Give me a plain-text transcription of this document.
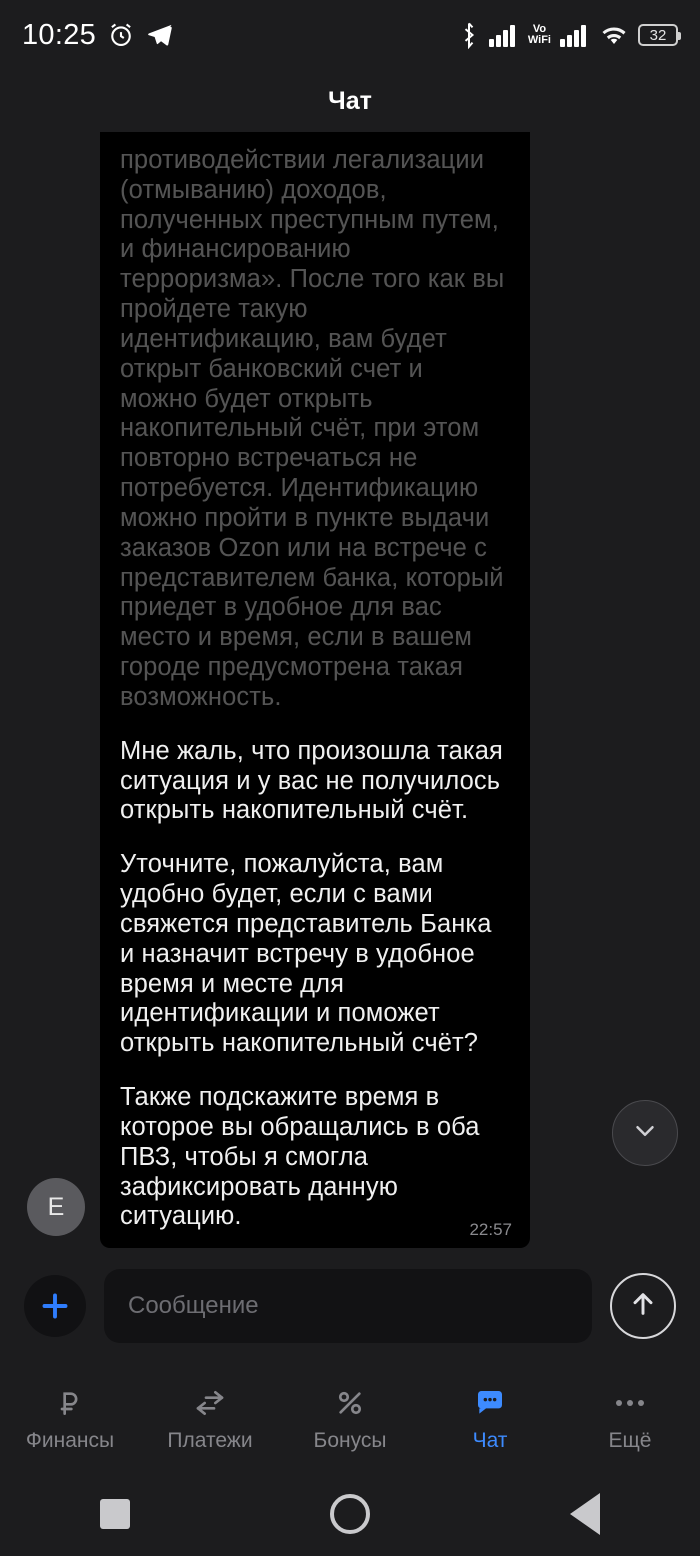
10:25	Vo
WiFi	32
Чат

противодействии легализации (отмыванию) доходов, полученных преступным путем, и финансированию терроризма». После того как вы пройдете такую идентификацию, вам будет открыт банковский счет и можно будет открыть накопительный счёт, при этом повторно встречаться не потребуется. Идентификацию можно пройти в пункте выдачи заказов Ozon или на встрече с представителем банка, который приедет в удобное для вас место и время, если в вашем городе предусмотрена такая возможность.

Мне жаль, что произошла такая ситуация и у вас не получилось открыть накопительный счёт.

Уточните, пожалуйста, вам удобно будет, если с вами свяжется представитель Банка и назначит встречу в удобное время и месте для идентификации и поможет открыть накопительный счёт?

Также подскажите время в которое вы обращались в оба ПВЗ, чтобы я смогла зафиксировать данную ситуацию.	22:57
Е
Сообщение
Финансы	Платежи	Бонусы	Чат	Ещё
